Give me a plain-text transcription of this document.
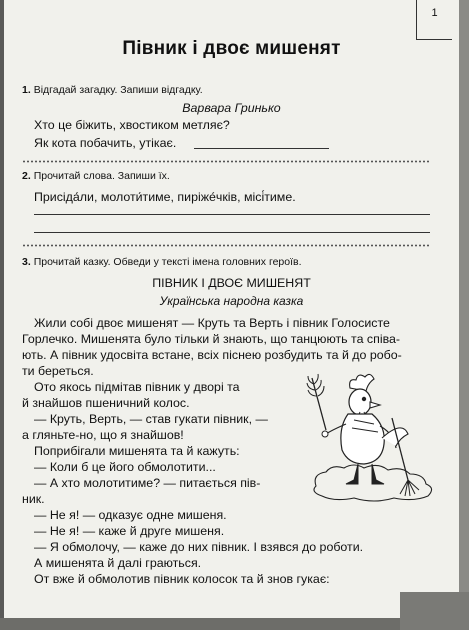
1
Півник і двоє мишенят
1. Відгадай загадку. Запиши відгадку.
Варвара Гринько
Хто це біжить, хвостиком метляє?
Як кота побачить, утікає.
2. Прочитай слова. Запиши їх.
Присіда́ли, молоти́тиме, пиріже́чків, місі́тиме.
3. Прочитай казку. Обведи у тексті імена головних героїв.
ПІВНИК І ДВОЄ МИШЕНЯТ
Українська народна казка
Жили собі двоє мишенят — Круть та Верть і півник Голосисте
Горлечко. Мишенята було тільки й знають, що танцюють та співа-
ють. А півник удосвіта встане, всіх піснею розбудить та й до робо-
ти береться.
Ото якось підмітав півник у дворі та
й знайшов пшеничний колос.
— Круть, Верть, — став гукати півник, —
а гляньте-но, що я знайшов!
Поприбігали мишенята та й кажуть:
— Коли б це його обмолотити...
— А хто молотитиме? — питається пів-
ник.
— Не я! — одказує одне мишеня.
— Не я! — каже й друге мишеня.
— Я обмолочу, — каже до них півник. І взявся до роботи.
А мишенята й далі граються.
От вже й обмолотив півник колосок та й знов гукає:
